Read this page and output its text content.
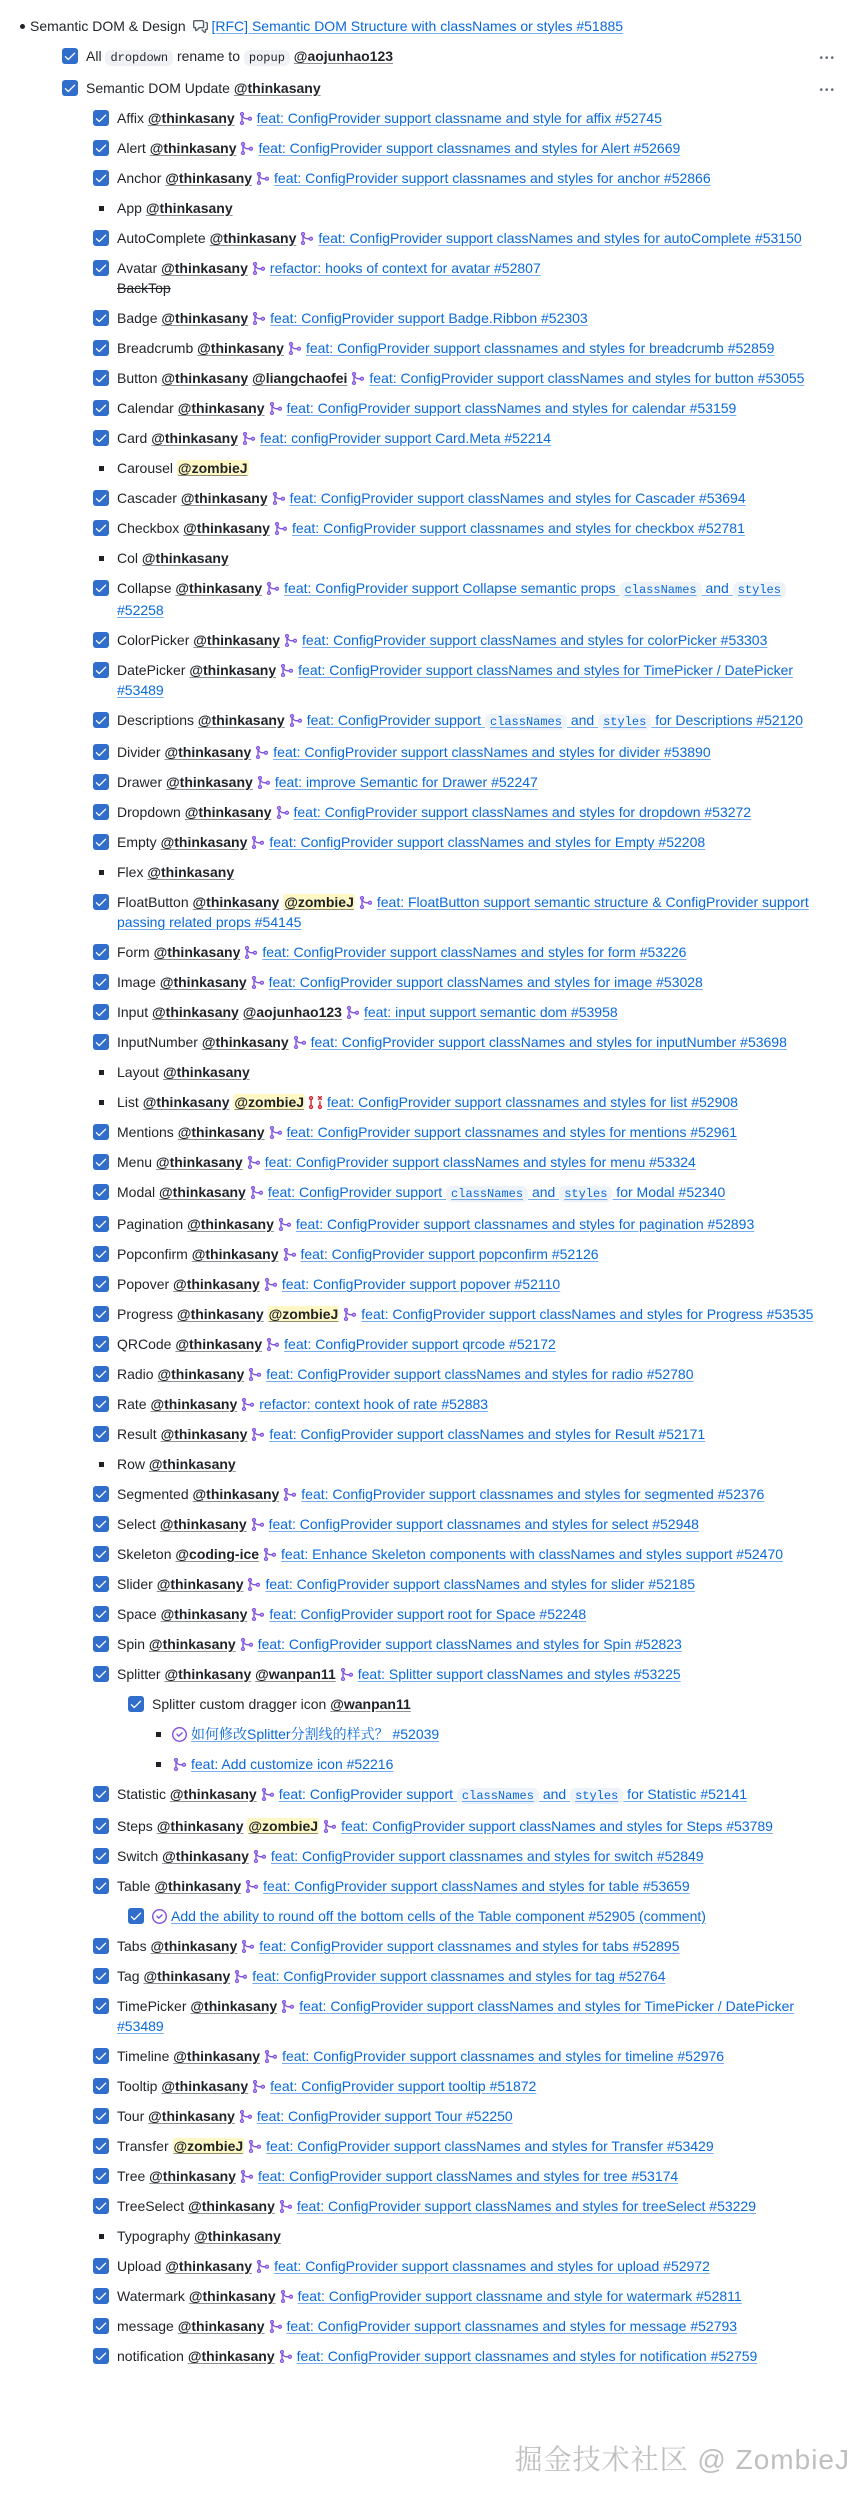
Semantic DOM & Design
[RFC] Semantic DOM Structure with classNames or styles #51885
All dropdown rename to popup @aojunhao123	•••
Semantic DOM Update @thinkasany	•••
Affix @thinkasany feat: ConfigProvider support classname and style for affix #52745
Alert @thinkasany feat: ConfigProvider support classnames and styles for Alert #52669
Anchor @thinkasany feat: ConfigProvider support classnames and styles for anchor #52866
App @thinkasany
AutoComplete @thinkasany feat: ConfigProvider support classNames and styles for autoComplete #53150
Avatar @thinkasany refactor: hooks of context for avatar #52807
BackTop
Badge @thinkasany feat: ConfigProvider support Badge.Ribbon #52303
Breadcrumb @thinkasany feat: ConfigProvider support classnames and styles for breadcrumb #52859
Button @thinkasany @liangchaofei feat: ConfigProvider support classNames and styles for button #53055
Calendar @thinkasany feat: ConfigProvider support classNames and styles for calendar #53159
Card @thinkasany feat: configProvider support Card.Meta #52214
Carousel @zombieJ
Cascader @thinkasany feat: ConfigProvider support classNames and styles for Cascader #53694
Checkbox @thinkasany feat: ConfigProvider support classnames and styles for checkbox #52781
Col @thinkasany
Collapse @thinkasany feat: ConfigProvider support Collapse semantic props classNames and styles #52258
ColorPicker @thinkasany feat: ConfigProvider support classNames and styles for colorPicker #53303
DatePicker @thinkasany feat: ConfigProvider support classNames and styles for TimePicker / DatePicker #53489
Descriptions @thinkasany feat: ConfigProvider support classNames and styles for Descriptions #52120
Divider @thinkasany feat: ConfigProvider support classNames and styles for divider #53890
Drawer @thinkasany feat: improve Semantic for Drawer #52247
Dropdown @thinkasany feat: ConfigProvider support classNames and styles for dropdown #53272
Empty @thinkasany feat: ConfigProvider support classNames and styles for Empty #52208
Flex @thinkasany
FloatButton @thinkasany @zombieJ feat: FloatButton support semantic structure & ConfigProvider support passing related props #54145
Form @thinkasany feat: ConfigProvider support classNames and styles for form #53226
Image @thinkasany feat: ConfigProvider support classNames and styles for image #53028
Input @thinkasany @aojunhao123 feat: input support semantic dom #53958
InputNumber @thinkasany feat: ConfigProvider support classNames and styles for inputNumber #53698
Layout @thinkasany
List @thinkasany @zombieJ feat: ConfigProvider support classnames and styles for list #52908
Mentions @thinkasany feat: ConfigProvider support classnames and styles for mentions #52961
Menu @thinkasany feat: ConfigProvider support classNames and styles for menu #53324
Modal @thinkasany feat: ConfigProvider support classNames and styles for Modal #52340
Pagination @thinkasany feat: ConfigProvider support classnames and styles for pagination #52893
Popconfirm @thinkasany feat: ConfigProvider support popconfirm #52126
Popover @thinkasany feat: ConfigProvider support popover #52110
Progress @thinkasany @zombieJ feat: ConfigProvider support classNames and styles for Progress #53535
QRCode @thinkasany feat: ConfigProvider support qrcode #52172
Radio @thinkasany feat: ConfigProvider support classNames and styles for radio #52780
Rate @thinkasany refactor: context hook of rate #52883
Result @thinkasany feat: ConfigProvider support classNames and styles for Result #52171
Row @thinkasany
Segmented @thinkasany feat: ConfigProvider support classnames and styles for segmented #52376
Select @thinkasany feat: ConfigProvider support classnames and styles for select #52948
Skeleton @coding-ice feat: Enhance Skeleton components with classNames and styles support #52470
Slider @thinkasany feat: ConfigProvider support classNames and styles for slider #52185
Space @thinkasany feat: ConfigProvider support root for Space #52248
Spin @thinkasany feat: ConfigProvider support classNames and styles for Spin #52823
Splitter @thinkasany @wanpan11 feat: Splitter support classNames and styles #53225
Splitter custom dragger icon @wanpan11
如何修改Splitter分割线的样式？ #52039
feat: Add customize icon #52216
Statistic @thinkasany feat: ConfigProvider support classNames and styles for Statistic #52141
Steps @thinkasany @zombieJ feat: ConfigProvider support classNames and styles for Steps #53789
Switch @thinkasany feat: ConfigProvider support classnames and styles for switch #52849
Table @thinkasany feat: ConfigProvider support classNames and styles for table #53659
Add the ability to round off the bottom cells of the Table component #52905 (comment)
Tabs @thinkasany feat: ConfigProvider support classnames and styles for tabs #52895
Tag @thinkasany feat: ConfigProvider support classnames and styles for tag #52764
TimePicker @thinkasany feat: ConfigProvider support classNames and styles for TimePicker / DatePicker #53489
Timeline @thinkasany feat: ConfigProvider support classnames and styles for timeline #52976
Tooltip @thinkasany feat: ConfigProvider support tooltip #51872
Tour @thinkasany feat: ConfigProvider support Tour #52250
Transfer @zombieJ feat: ConfigProvider support classNames and styles for Transfer #53429
Tree @thinkasany feat: ConfigProvider support classNames and styles for tree #53174
TreeSelect @thinkasany feat: ConfigProvider support classNames and styles for treeSelect #53229
Typography @thinkasany
Upload @thinkasany feat: ConfigProvider support classnames and styles for upload #52972
Watermark @thinkasany feat: ConfigProvider support classname and style for watermark #52811
message @thinkasany feat: ConfigProvider support classnames and styles for message #52793
notification @thinkasany feat: ConfigProvider support classnames and styles for notification #52759
掘金技术社区 @ ZombieJ
